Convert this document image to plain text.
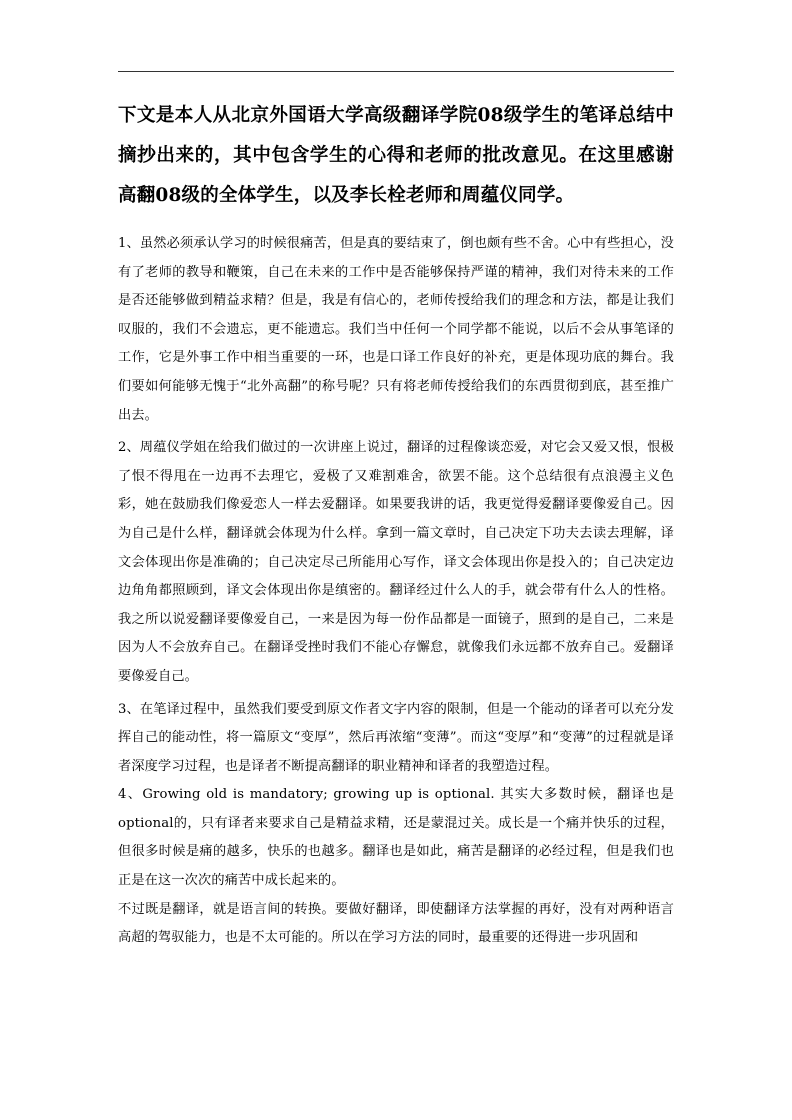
下文是本人从北京外国语大学高级翻译学院08级学生的笔译总结中摘抄出来的，其中包含学生的心得和老师的批改意见。在这里感谢高翻08级的全体学生，以及李长栓老师和周蕴仪同学。

1、虽然必须承认学习的时候很痛苦，但是真的要结束了，倒也颇有些不舍。心中有些担心，没有了老师的教导和鞭策，自己在未来的工作中是否能够保持严谨的精神，我们对待未来的工作是否还能够做到精益求精？但是，我是有信心的，老师传授给我们的理念和方法，都是让我们叹服的，我们不会遗忘，更不能遗忘。我们当中任何一个同学都不能说，以后不会从事笔译的工作，它是外事工作中相当重要的一环，也是口译工作良好的补充，更是体现功底的舞台。我们要如何能够无愧于“北外高翻”的称号呢？只有将老师传授给我们的东西贯彻到底，甚至推广出去。

2、周蕴仪学姐在给我们做过的一次讲座上说过，翻译的过程像谈恋爱，对它会又爱又恨，恨极了恨不得甩在一边再不去理它，爱极了又难割难舍，欲罢不能。这个总结很有点浪漫主义色彩，她在鼓励我们像爱恋人一样去爱翻译。如果要我讲的话，我更觉得爱翻译要像爱自己。因为自己是什么样，翻译就会体现为什么样。拿到一篇文章时，自己决定下功夫去读去理解，译文会体现出你是准确的；自己决定尽己所能用心写作，译文会体现出你是投入的；自己决定边边角角都照顾到，译文会体现出你是缜密的。翻译经过什么人的手，就会带有什么人的性格。我之所以说爱翻译要像爱自己，一来是因为每一份作品都是一面镜子，照到的是自己，二来是因为人不会放弃自己。在翻译受挫时我们不能心存懈怠，就像我们永远都不放弃自己。爱翻译要像爱自己。

3、在笔译过程中，虽然我们要受到原文作者文字内容的限制，但是一个能动的译者可以充分发挥自己的能动性，将一篇原文“变厚”，然后再浓缩“变薄”。而这“变厚”和“变薄”的过程就是译者深度学习过程，也是译者不断提高翻译的职业精神和译者的我塑造过程。

4、Growing old is mandatory; growing up is optional. 其实大多数时候，翻译也是optional的，只有译者来要求自己是精益求精，还是蒙混过关。成长是一个痛并快乐的过程，但很多时候是痛的越多，快乐的也越多。翻译也是如此，痛苦是翻译的必经过程，但是我们也正是在这一次次的痛苦中成长起来的。

不过既是翻译，就是语言间的转换。要做好翻译，即使翻译方法掌握的再好，没有对两种语言高超的驾驭能力，也是不太可能的。所以在学习方法的同时，最重要的还得进一步巩固和
